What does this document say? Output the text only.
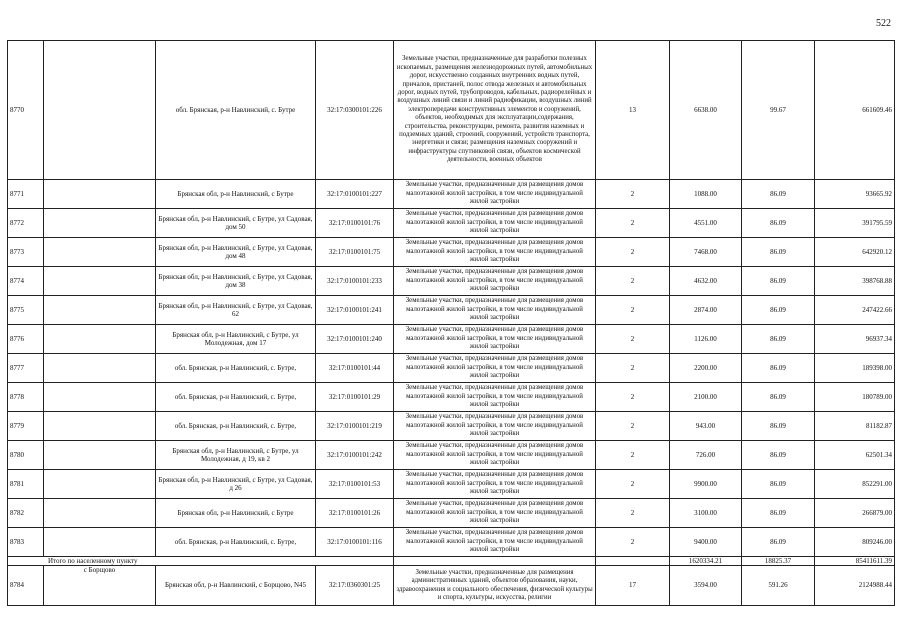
522
8770		обл. Брянская, р-н Навлинский, с. Бутре	32:17:0300101:226	Земельные участки, предназначенные для разработки полезных ископаемых, размещения железнодорожных путей, автомобильных дорог, искусственно созданных внутренних водных путей, причалов, пристаней, полос отвода железных и автомобильных дорог, водных путей, трубопроводов, кабельных, радиорелейных и воздушных линий связи и линий радиофикации, воздушных линий электропередачи конструктивных элементов и сооружений, объектов, необходимых для эксплуатации,содержания, строительства, реконструкции, ремонта, развития наземных и подземных зданий, строений, сооружений, устройств транспорта, энергетики и связи; размещения наземных сооружений и инфраструктуры спутниковой связи, объектов космической деятельности, военных объектов	13	6638.00	99.67	661609.46
8771		Брянская обл, р-н Навлинский, с Бутре	32:17:0100101:227	Земельные участки, предназначенные для размещения домов малоэтажной жилой застройки, в том числе индивидуальной жилой застройки	2	1088.00	86.09	93665.92
8772		Брянская обл, р-н Навлинский, с Бутре, ул Садовая, дом 50	32:17:0100101:76	Земельные участки, предназначенные для размещения домов малоэтажной жилой застройки, в том числе индивидуальной жилой застройки	2	4551.00	86.09	391795.59
8773		Брянская обл, р-н Навлинский, с Бутре, ул Садовая, дом 48	32:17:0100101:75	Земельные участки, предназначенные для размещения домов малоэтажной жилой застройки, в том числе индивидуальной жилой застройки	2	7468.00	86.09	642920.12
8774		Брянская обл, р-н Навлинский, с Бутре, ул Садовая, дом 38	32:17:0100101:233	Земельные участки, предназначенные для размещения домов малоэтажной жилой застройки, в том числе индивидуальной жилой застройки	2	4632.00	86.09	398768.88
8775		Брянская обл, р-н Навлинский, с Бутре, ул Садовая, 62	32:17:0100101:241	Земельные участки, предназначенные для размещения домов малоэтажной жилой застройки, в том числе индивидуальной жилой застройки	2	2874.00	86.09	247422.66
8776		Брянская обл, р-н Навлинский, с Бутре, ул Молодежная, дом 17	32:17:0100101:240	Земельные участки, предназначенные для размещения домов малоэтажной жилой застройки, в том числе индивидуальной жилой застройки	2	1126.00	86.09	96937.34
8777		обл. Брянская, р-н Навлинский, с. Бутре,	32:17:0100101:44	Земельные участки, предназначенные для размещения домов малоэтажной жилой застройки, в том числе индивидуальной жилой застройки	2	2200.00	86.09	189398.00
8778		обл. Брянская, р-н Навлинский, с. Бутре,	32:17:0100101:29	Земельные участки, предназначенные для размещения домов малоэтажной жилой застройки, в том числе индивидуальной жилой застройки	2	2100.00	86.09	180789.00
8779		обл. Брянская, р-н Навлинский, с. Бутре,	32:17:0100101:219	Земельные участки, предназначенные для размещения домов малоэтажной жилой застройки, в том числе индивидуальной жилой застройки	2	943.00	86.09	81182.87
8780		Брянская обл, р-н Навлинский, с Бутре, ул Молодежная, д 19, кв 2	32:17:0100101:242	Земельные участки, предназначенные для размещения домов малоэтажной жилой застройки, в том числе индивидуальной жилой застройки	2	726.00	86.09	62501.34
8781		Брянская обл, р-н Навлинский, с Бутре, ул Садовая, д 26	32:17:0100101:53	Земельные участки, предназначенные для размещения домов малоэтажной жилой застройки, в том числе индивидуальной жилой застройки	2	9900.00	86.09	852291.00
8782		Брянская обл, р-н Навлинский, с Бутре	32:17:0100101:26	Земельные участки, предназначенные для размещения домов малоэтажной жилой застройки, в том числе индивидуальной жилой застройки	2	3100.00	86.09	266879.00
8783		обл. Брянская, р-н Навлинский, с. Бутре,	32:17:0100101:116	Земельные участки, предназначенные для размещения домов малоэтажной жилой застройки, в том числе индивидуальной жилой застройки	2	9400.00	86.09	809246.00
Итого по населенному пункту						1620334.21	18825.37	85411611.39
8784	с Борщово	Брянская обл, р-н Навлинский, с Борщово, N45	32:17:0360301:25	Земельные участки, предназначенные для размещения административных зданий, объектов образования, науки, здравоохранения и социального обеспечения, физической культуры и спорта, культуры, искусства, религии	17	3594.00	591.26	2124988.44
